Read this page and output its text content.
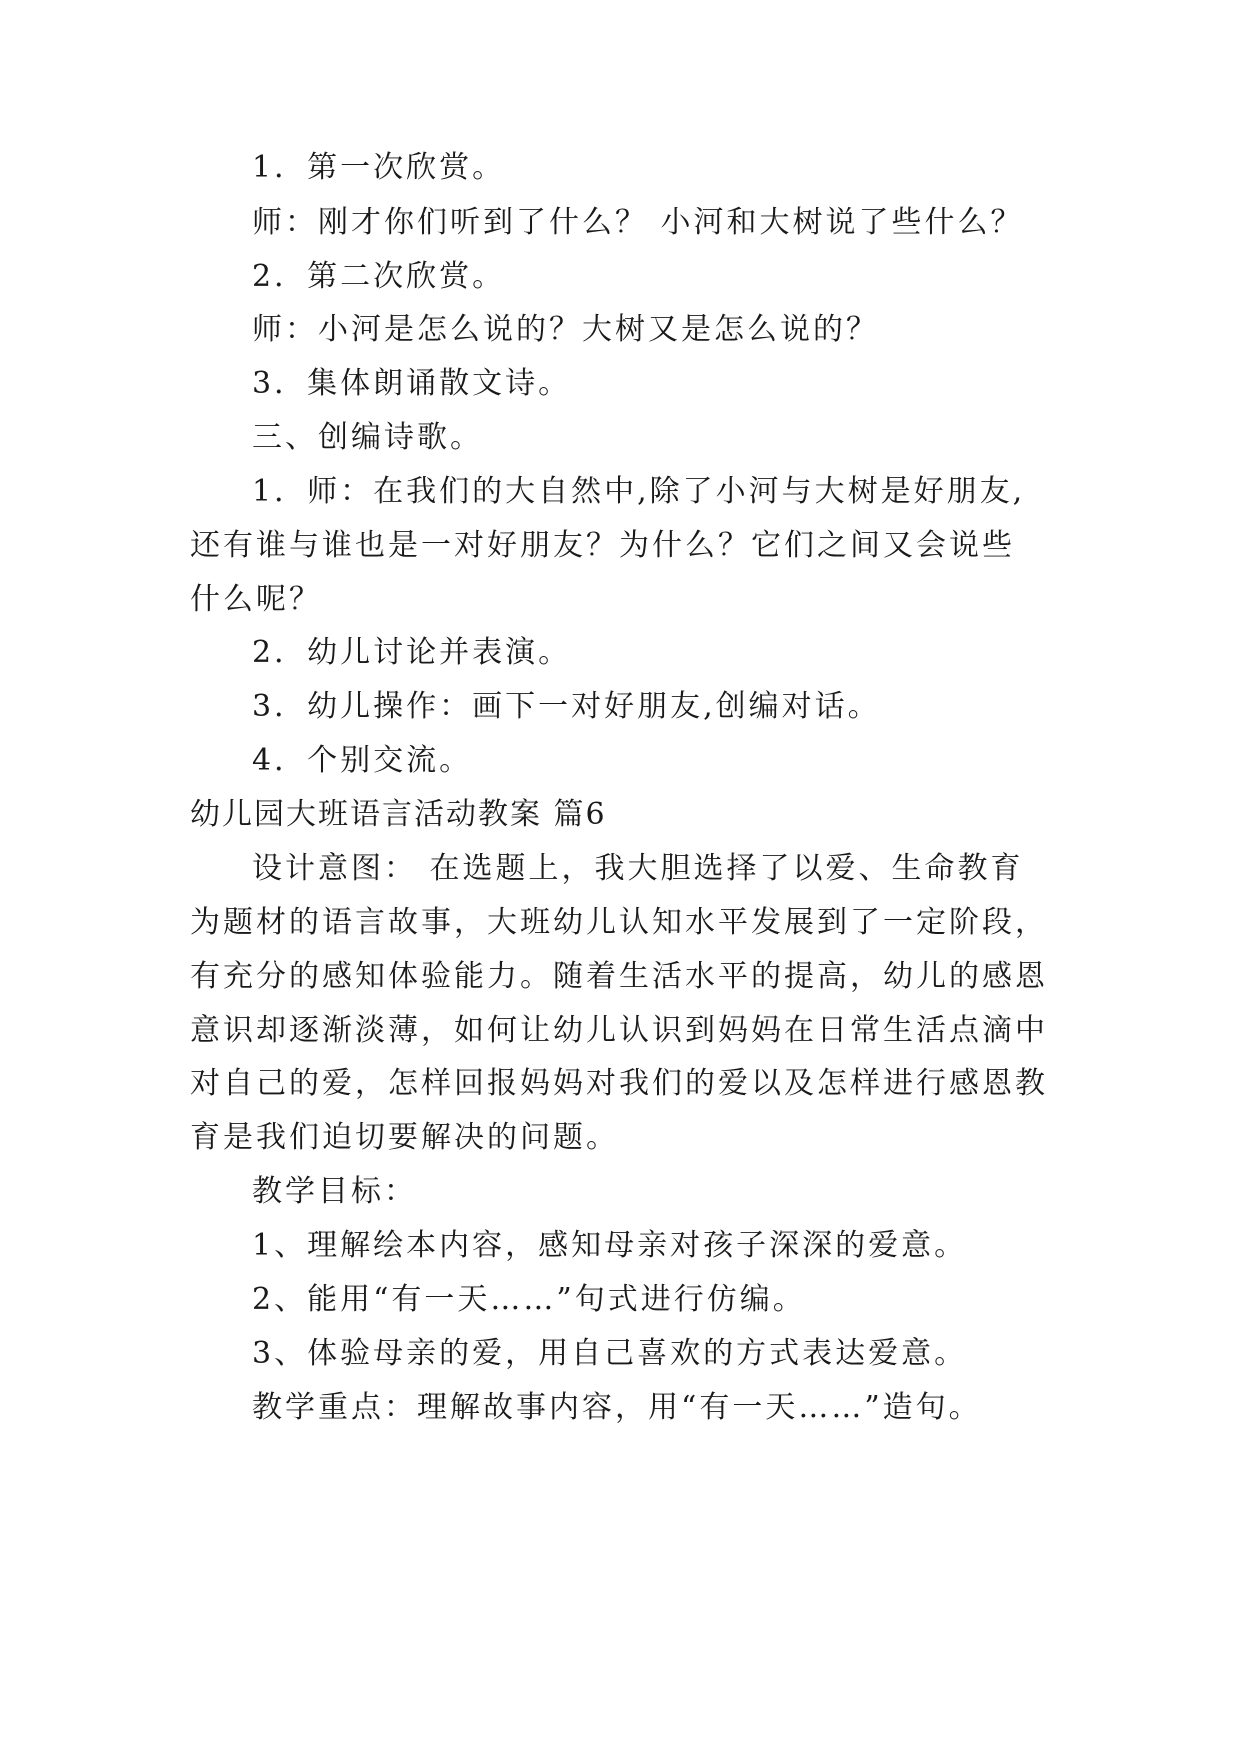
1．第一次欣赏。
师：刚才你们听到了什么？ 小河和大树说了些什么？
2．第二次欣赏。
师：小河是怎么说的？大树又是怎么说的？
3．集体朗诵散文诗。
三、创编诗歌。
1．师：在我们的大自然中,除了小河与大树是好朋友,
还有谁与谁也是一对好朋友？为什么？它们之间又会说些
什么呢？
2．幼儿讨论并表演。
3．幼儿操作：画下一对好朋友,创编对话。
4．个别交流。
幼儿园大班语言活动教案 篇6
设计意图： 在选题上，我大胆选择了以爱、生命教育
为题材的语言故事，大班幼儿认知水平发展到了一定阶段，
有充分的感知体验能力。随着生活水平的提高，幼儿的感恩
意识却逐渐淡薄，如何让幼儿认识到妈妈在日常生活点滴中
对自己的爱，怎样回报妈妈对我们的爱以及怎样进行感恩教
育是我们迫切要解决的问题。
教学目标：
1、理解绘本内容，感知母亲对孩子深深的爱意。
2、能用“有一天……”句式进行仿编。
3、体验母亲的爱，用自己喜欢的方式表达爱意。
教学重点：理解故事内容，用“有一天……”造句。
